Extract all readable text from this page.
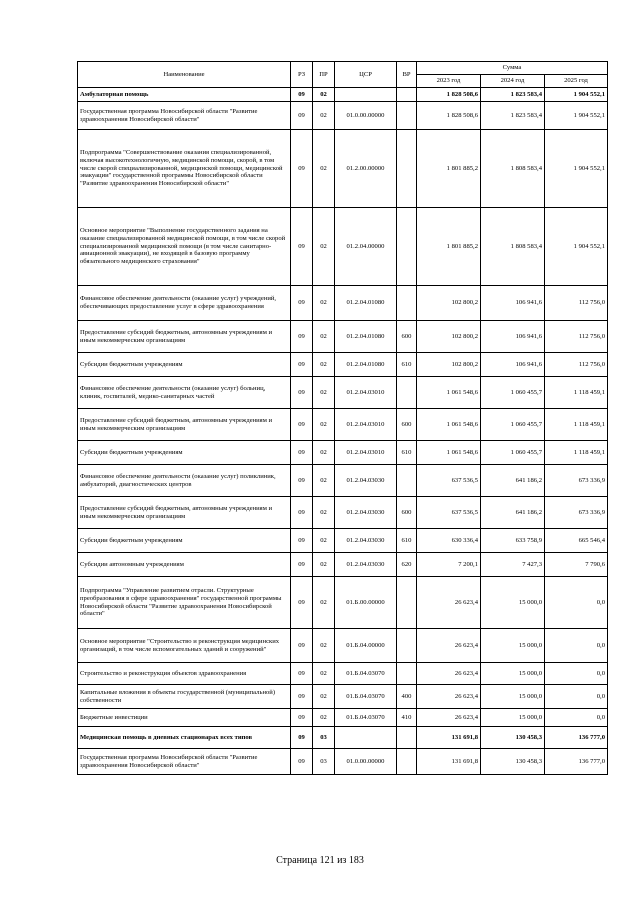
Наименование	РЗ	ПР	ЦСР	ВР	Сумма		
					2023 год	2024 год	2025 год
Амбулаторная помощь	09	02			1 828 508,6	1 823 583,4	1 904 552,1
Государственная программа Новосибирской области "Развитие здравоохранения Новосибирской области"	09	02	01.0.00.00000		1 828 508,6	1 823 583,4	1 904 552,1
Подпрограмма "Совершенствование оказания специализированной, включая высокотехнологичную, медицинской помощи, скорой, в том числе скорой специализированной, медицинской помощи, медицинской эвакуации" государственной программы Новосибирской области "Развитие здравоохранения Новосибирской области"	09	02	01.2.00.00000		1 801 885,2	1 808 583,4	1 904 552,1
Основное мероприятие "Выполнение государственного задания на оказание специализированной медицинской помощи, в том числе скорой специализированной медицинской помощи (в том числе санитарно-авиационной эвакуации), не входящей в базовую программу обязательного медицинского страхования"	09	02	01.2.04.00000		1 801 885,2	1 808 583,4	1 904 552,1
Финансовое обеспечение деятельности (оказание услуг) учреждений, обеспечивающих предоставление услуг в сфере здравоохранения	09	02	01.2.04.01080		102 800,2	106 941,6	112 756,0
Предоставление субсидий бюджетным, автономным учреждениям и иным некоммерческим организациям	09	02	01.2.04.01080	600	102 800,2	106 941,6	112 756,0
Субсидии бюджетным учреждениям	09	02	01.2.04.01080	610	102 800,2	106 941,6	112 756,0
Финансовое обеспечение деятельности (оказание услуг) больниц, клиник, госпиталей, медико-санитарных частей	09	02	01.2.04.03010		1 061 548,6	1 060 455,7	1 118 459,1
Предоставление субсидий бюджетным, автономным учреждениям и иным некоммерческим организациям	09	02	01.2.04.03010	600	1 061 548,6	1 060 455,7	1 118 459,1
Субсидии бюджетным учреждениям	09	02	01.2.04.03010	610	1 061 548,6	1 060 455,7	1 118 459,1
Финансовое обеспечение деятельности (оказание услуг) поликлиник, амбулаторий, диагностических центров	09	02	01.2.04.03030		637 536,5	641 186,2	673 336,9
Предоставление субсидий бюджетным, автономным учреждениям и иным некоммерческим организациям	09	02	01.2.04.03030	600	637 536,5	641 186,2	673 336,9
Субсидии бюджетным учреждениям	09	02	01.2.04.03030	610	630 336,4	633 758,9	665 546,4
Субсидии автономным учреждениям	09	02	01.2.04.03030	620	7 200,1	7 427,3	7 790,6
Подпрограмма "Управление развитием отрасли. Структурные преобразования в сфере здравоохранения" государственной программы Новосибирской области "Развитие здравоохранения Новосибирской области"	09	02	01.Б.00.00000		26 623,4	15 000,0	0,0
Основное мероприятие "Строительство и реконструкция медицинских организаций, в том числе вспомогательных зданий и сооружений"	09	02	01.Б.04.00000		26 623,4	15 000,0	0,0
Строительство и реконструкция объектов здравоохранения	09	02	01.Б.04.03070		26 623,4	15 000,0	0,0
Капитальные вложения в объекты государственной (муниципальной) собственности	09	02	01.Б.04.03070	400	26 623,4	15 000,0	0,0
Бюджетные инвестиции	09	02	01.Б.04.03070	410	26 623,4	15 000,0	0,0
Медицинская помощь в дневных стационарах всех типов	09	03			131 691,8	130 458,3	136 777,0
Государственная программа Новосибирской области "Развитие здравоохранения Новосибирской области"	09	03	01.0.00.00000		131 691,8	130 458,3	136 777,0
Страница 121 из 183
